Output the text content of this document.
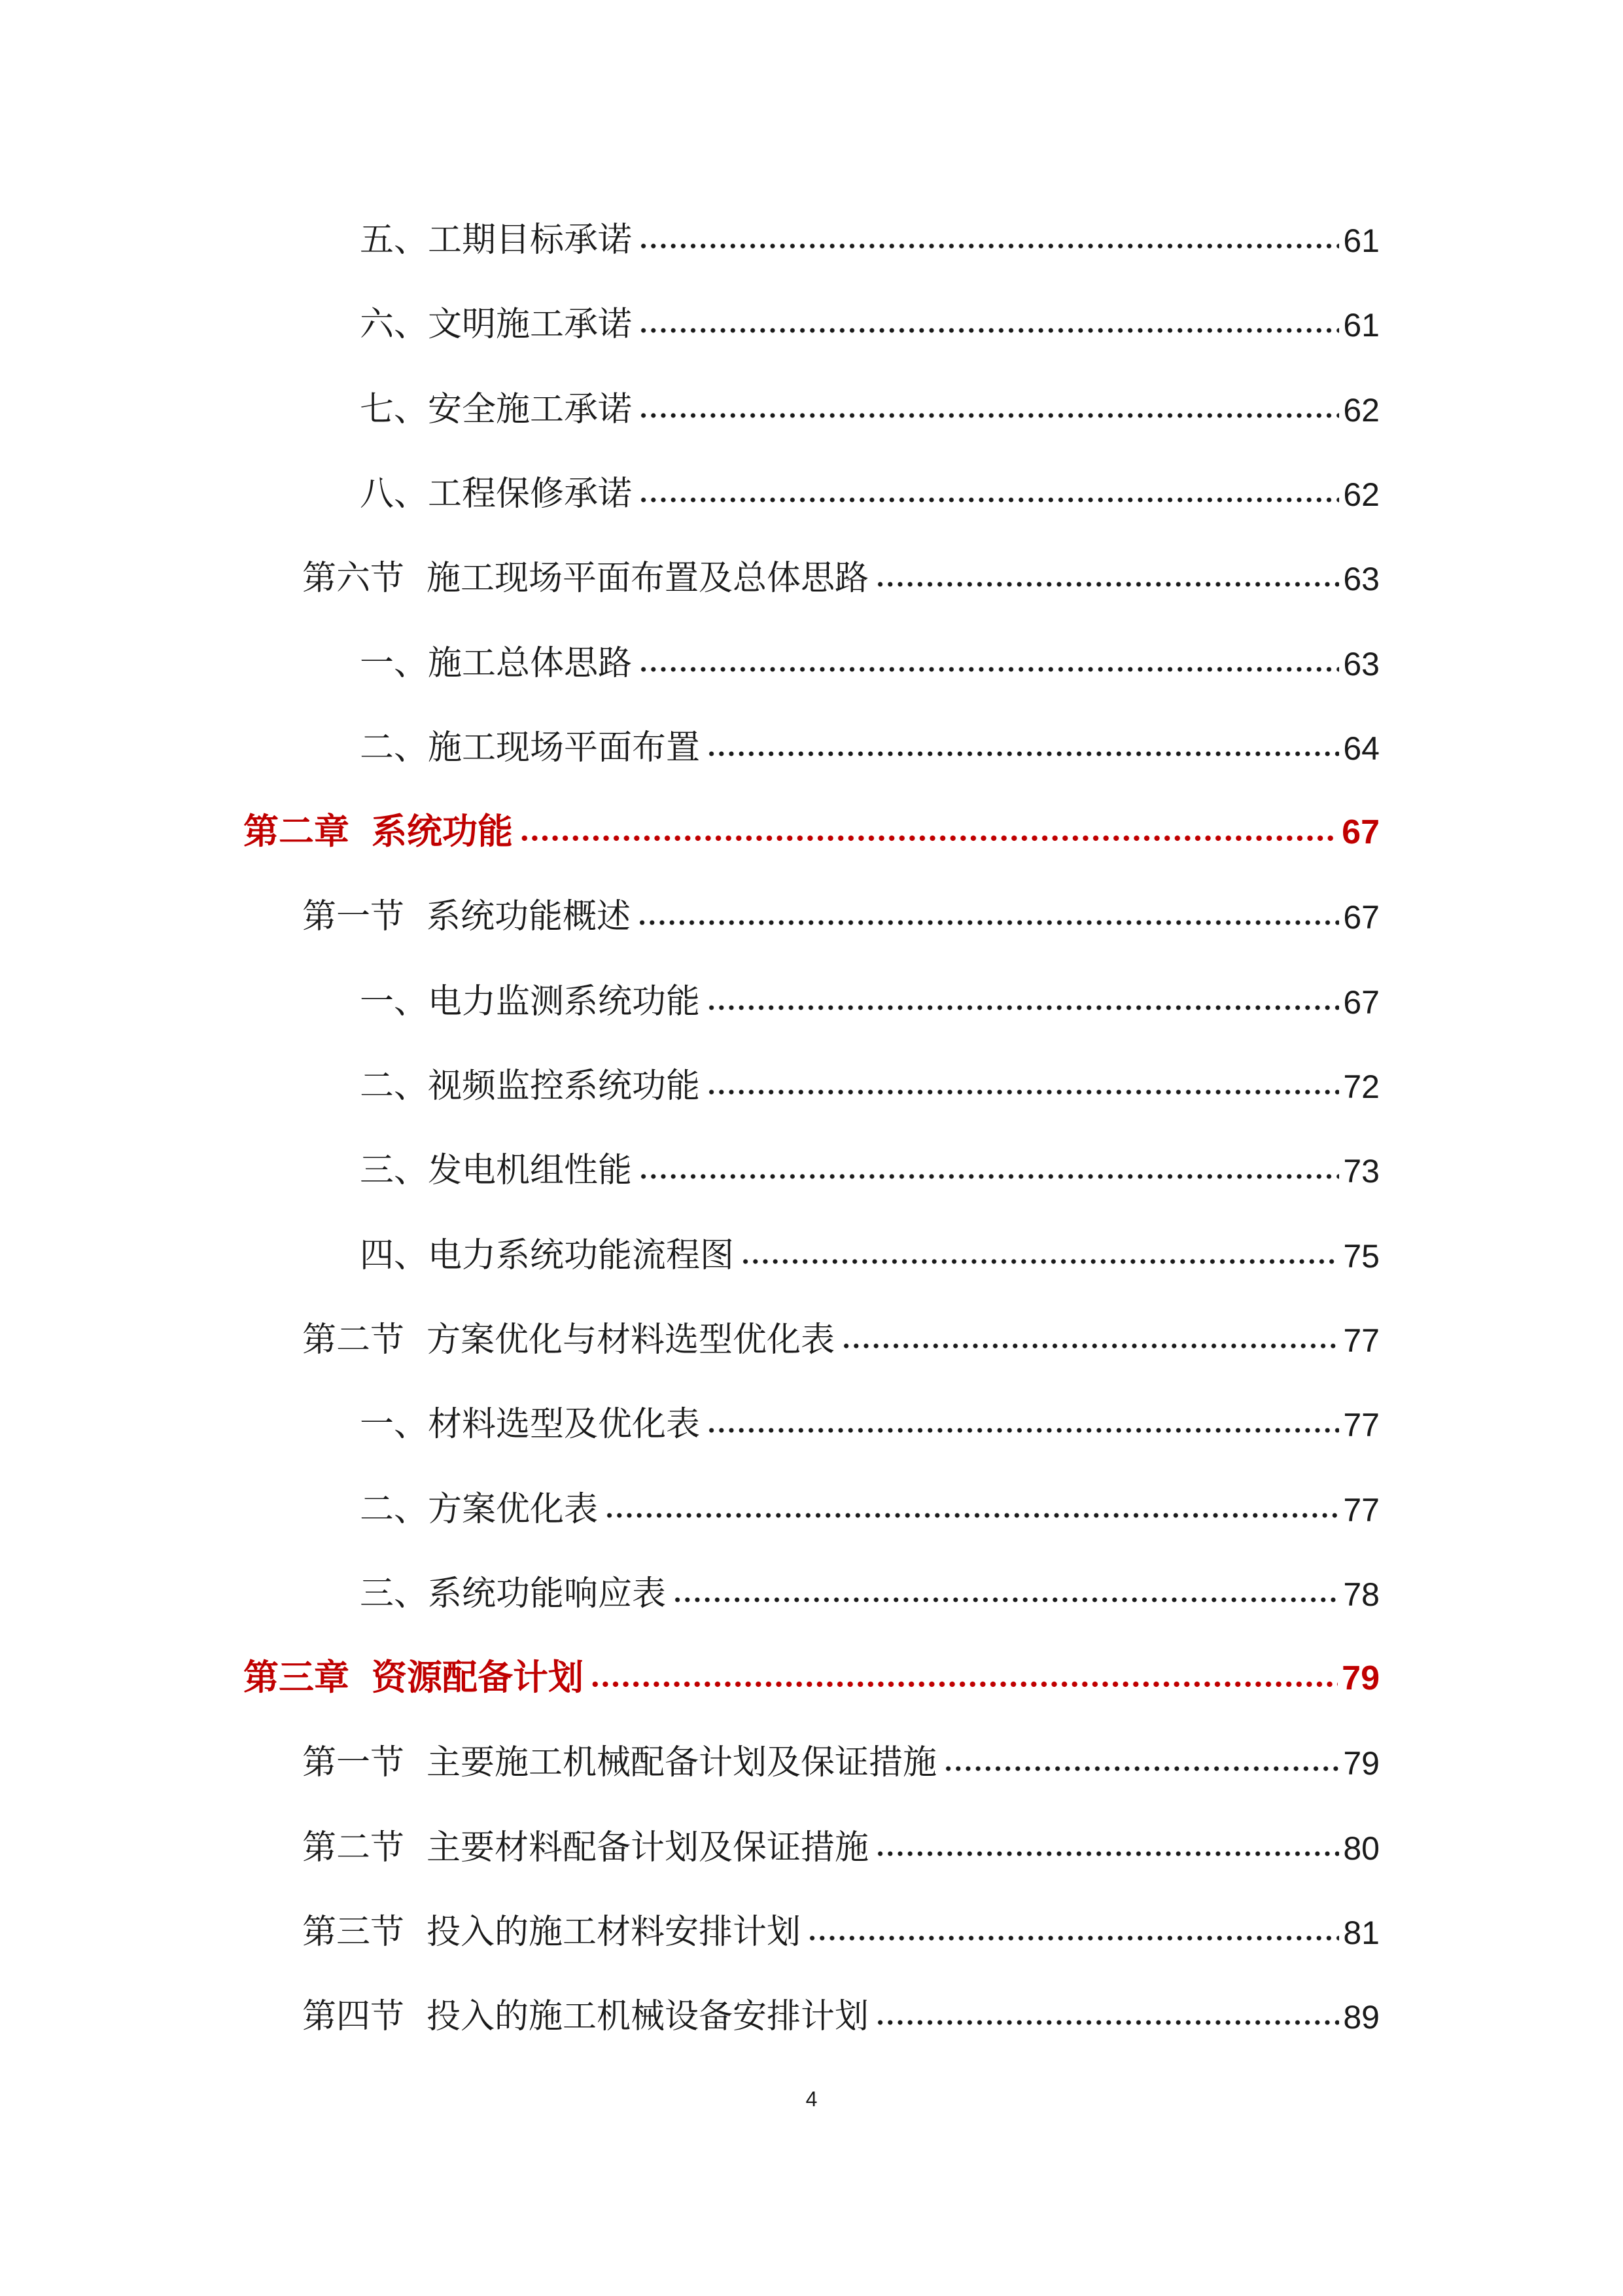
五、工期目标承诺	61
六、文明施工承诺	61
七、安全施工承诺	62
八、工程保修承诺	62
第六节 施工现场平面布置及总体思路	63
一、施工总体思路	63
二、施工现场平面布置	64
第二章 系统功能	67
第一节 系统功能概述	67
一、电力监测系统功能	67
二、视频监控系统功能	72
三、发电机组性能	73
四、电力系统功能流程图	75
第二节 方案优化与材料选型优化表	77
一、材料选型及优化表	77
二、方案优化表	77
三、系统功能响应表	78
第三章 资源配备计划	79
第一节 主要施工机械配备计划及保证措施	79
第二节 主要材料配备计划及保证措施	80
第三节 投入的施工材料安排计划	81
第四节 投入的施工机械设备安排计划	89
4
